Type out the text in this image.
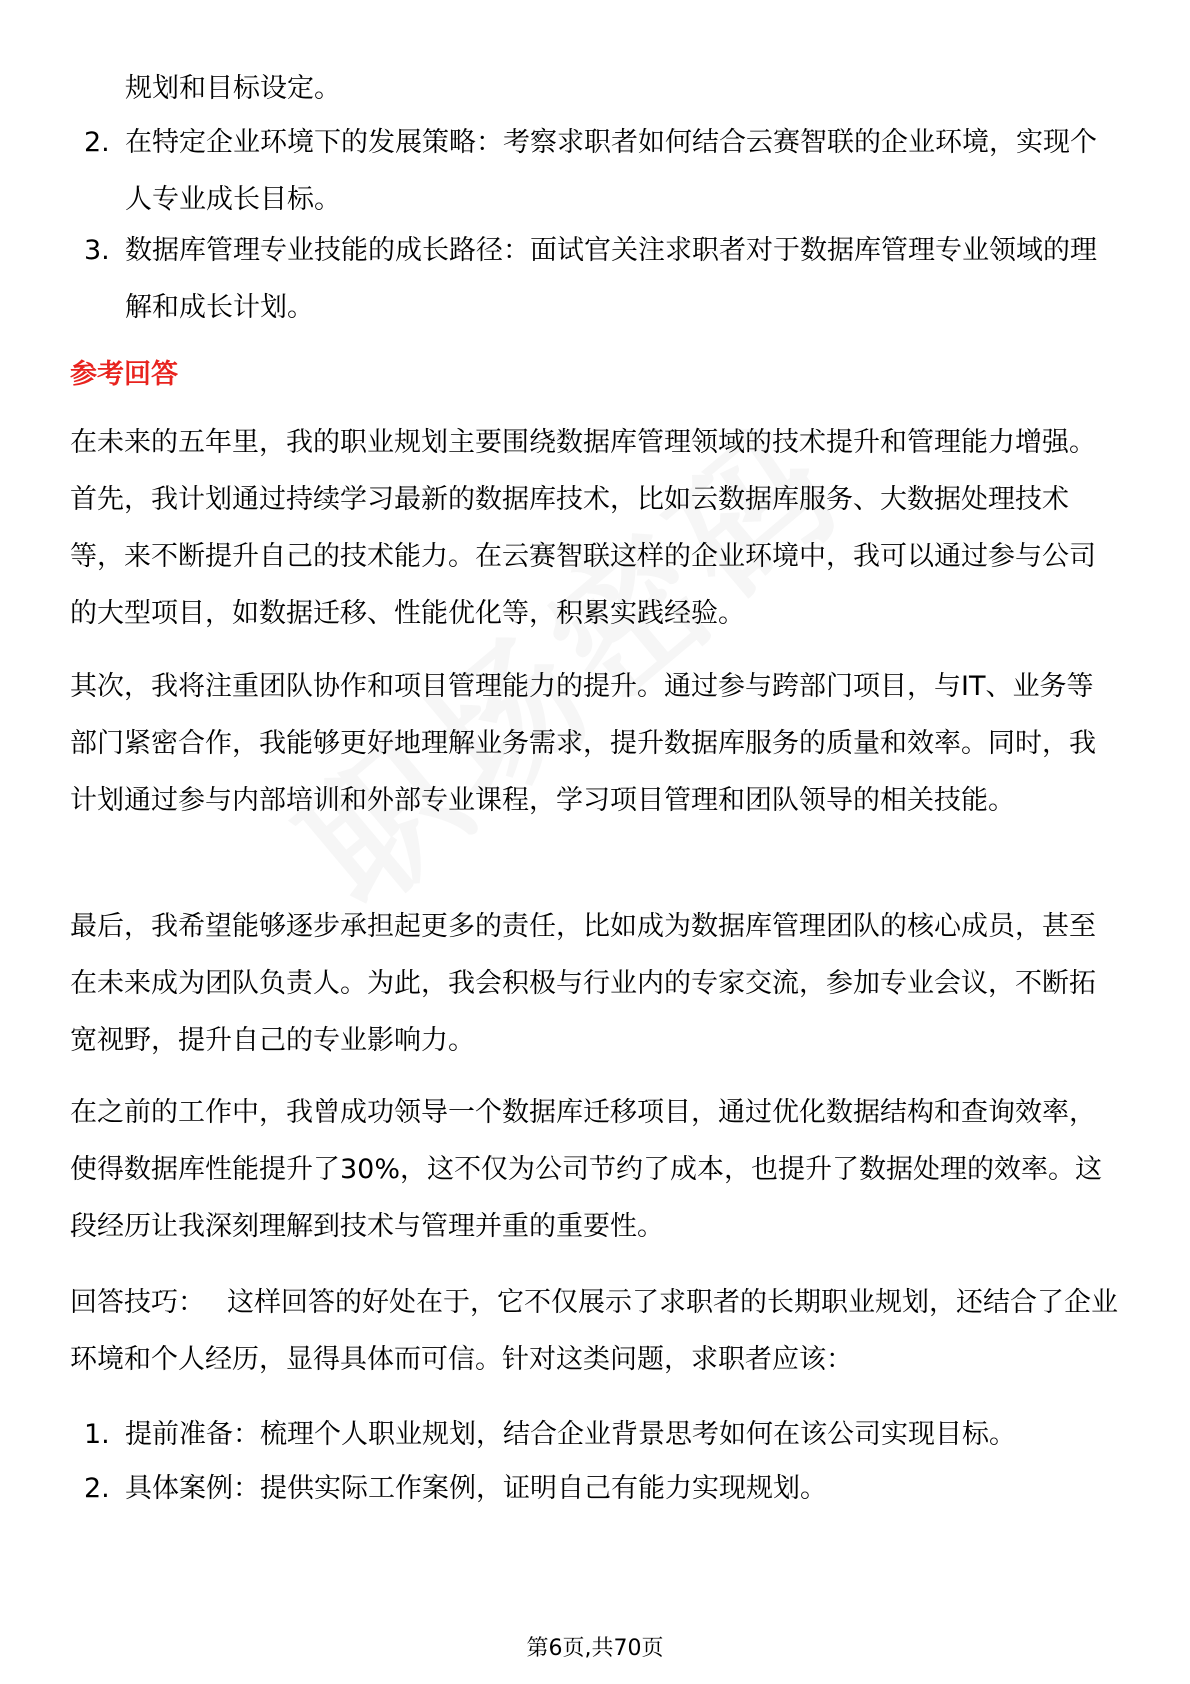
规划和目标设定。
2. 在特定企业环境下的发展策略：考察求职者如何结合云赛智联的企业环境，实现个人专业成长目标。
3. 数据库管理专业技能的成长路径：面试官关注求职者对于数据库管理专业领域的理解和成长计划。
参考回答
在未来的五年里，我的职业规划主要围绕数据库管理领域的技术提升和管理能力增强。首先，我计划通过持续学习最新的数据库技术，比如云数据库服务、大数据处理技术等，来不断提升自己的技术能力。在云赛智联这样的企业环境中，我可以通过参与公司的大型项目，如数据迁移、性能优化等，积累实践经验。
其次，我将注重团队协作和项目管理能力的提升。通过参与跨部门项目，与IT、业务等部门紧密合作，我能够更好地理解业务需求，提升数据库服务的质量和效率。同时，我计划通过参与内部培训和外部专业课程，学习项目管理和团队领导的相关技能。
最后，我希望能够逐步承担起更多的责任，比如成为数据库管理团队的核心成员，甚至在未来成为团队负责人。为此，我会积极与行业内的专家交流，参加专业会议，不断拓宽视野，提升自己的专业影响力。
在之前的工作中，我曾成功领导一个数据库迁移项目，通过优化数据结构和查询效率，使得数据库性能提升了30%，这不仅为公司节约了成本，也提升了数据处理的效率。这段经历让我深刻理解到技术与管理并重的重要性。
回答技巧： 这样回答的好处在于，它不仅展示了求职者的长期职业规划，还结合了企业环境和个人经历，显得具体而可信。针对这类问题，求职者应该：
1. 提前准备：梳理个人职业规划，结合企业背景思考如何在该公司实现目标。
2. 具体案例：提供实际工作案例，证明自己有能力实现规划。
第6页,共70页
